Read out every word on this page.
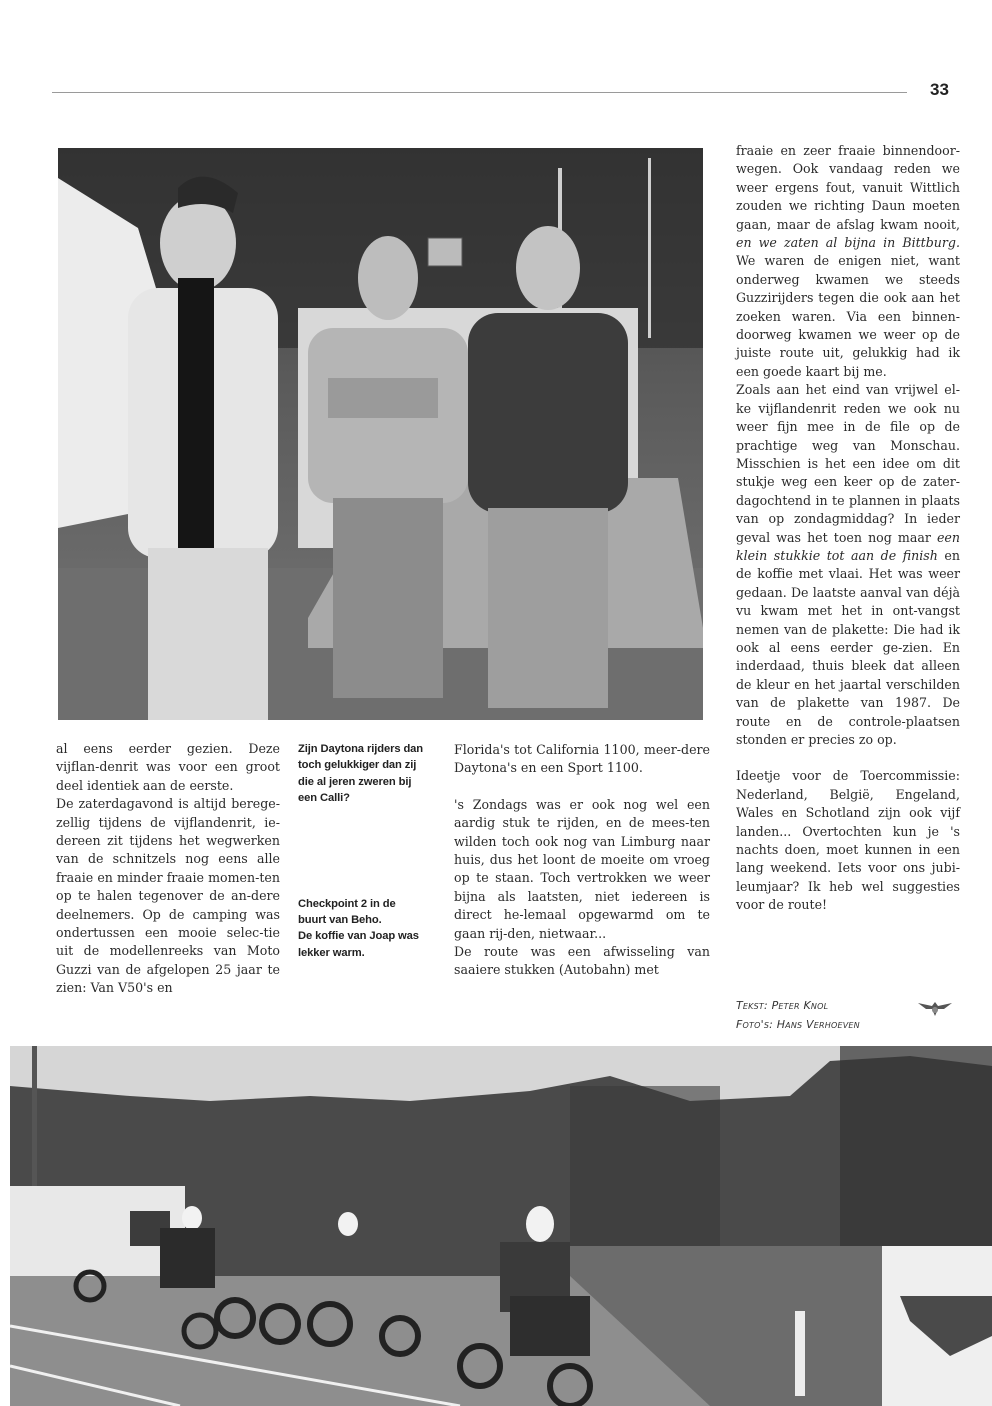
33

al eens eerder gezien. Deze vijflan-denrit was voor een groot deel identiek aan de eerste.

De zaterdagavond is altijd berege-zellig tijdens de vijflandenrit, ie-dereen zit tijdens het wegwerken van de schnitzels nog eens alle fraaie en minder fraaie momen-ten op te halen tegenover de an-dere deelnemers. Op de camping was ondertussen een mooie selec-tie uit de modellenreeks van Moto Guzzi van de afgelopen 25 jaar te zien: Van V50's en

Zijn Daytona rijders dan toch gelukkiger dan zij die al jeren zweren bij een Calli?

Checkpoint 2 in de buurt van Beho.

De koffie van Joap was lekker warm.

Florida's tot California 1100, meer-dere Daytona's en een Sport 1100.

's Zondags was er ook nog wel een aardig stuk te rijden, en de mees-ten wilden toch ook nog van Limburg naar huis, dus het loont de moeite om vroeg op te staan. Toch vertrokken we weer bijna als laatsten, niet iedereen is direct he-lemaal opgewarmd om te gaan rij-den, nietwaar...

De route was een afwisseling van saaiere stukken (Autobahn) met

fraaie en zeer fraaie binnendoor-wegen. Ook vandaag reden we weer ergens fout, vanuit Wittlich zouden we richting Daun moeten gaan, maar de afslag kwam nooit, en we zaten al bijna in Bittburg. We waren de enigen niet, want onderweg kwamen we steeds Guzzirijders tegen die ook aan het zoeken waren. Via een binnen-doorweg kwamen we weer op de juiste route uit, gelukkig had ik een goede kaart bij me.

Zoals aan het eind van vrijwel el-ke vijflandenrit reden we ook nu weer fijn mee in de file op de prachtige weg van Monschau. Misschien is het een idee om dit stukje weg een keer op de zater-dagochtend in te plannen in plaats van op zondagmiddag? In ieder geval was het toen nog maar een klein stukkie tot aan de finish en de koffie met vlaai. Het was weer gedaan. De laatste aanval van déjà vu kwam met het in ont-vangst nemen van de plakette: Die had ik ook al eens eerder ge-zien. En inderdaad, thuis bleek dat alleen de kleur en het jaartal verschilden van de plakette van 1987. De route en de controle-plaatsen stonden er precies zo op.

Ideetje voor de Toercommissie: Nederland, België, Engeland, Wales en Schotland zijn ook vijf landen... Overtochten kun je 's nachts doen, moet kunnen in een lang weekend. Iets voor ons jubi-leumjaar? Ik heb wel suggesties voor de route!

Tekst: Peter Knol
Foto's: Hans Verhoeven
